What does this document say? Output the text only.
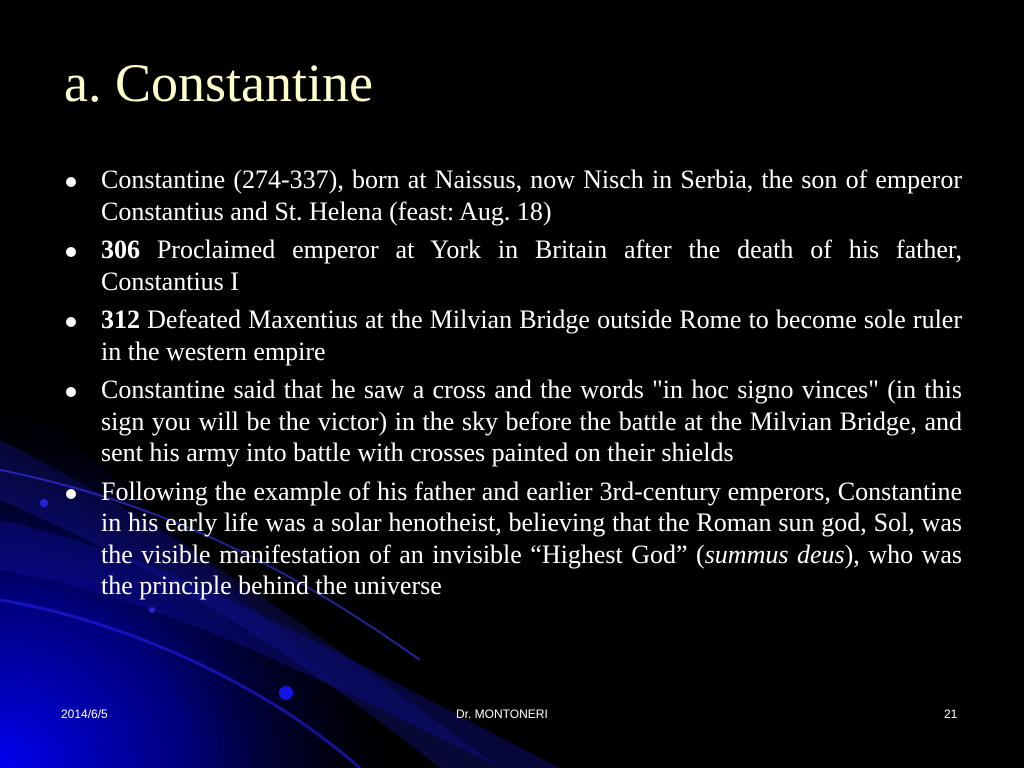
a. Constantine
Constantine (274-337), born at Naissus, now Nisch in Serbia, the son of emperor Constantius and St. Helena (feast: Aug. 18)
306 Proclaimed emperor at York in Britain after the death of his father, Constantius I
312 Defeated Maxentius at the Milvian Bridge outside Rome to become sole ruler in the western empire
Constantine said that he saw a cross and the words "in hoc signo vinces" (in this sign you will be the victor) in the sky before the battle at the Milvian Bridge, and sent his army into battle with crosses painted on their shields
Following the example of his father and earlier 3rd-century emperors, Constantine in his early life was a solar henotheist, believing that the Roman sun god, Sol, was the visible manifestation of an invisible “Highest God” (summus deus), who was the principle behind the universe
2014/6/5	Dr. MONTONERI	21
